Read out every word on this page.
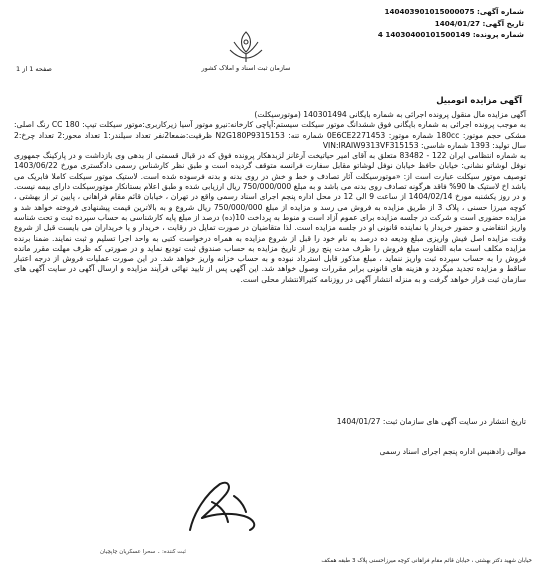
شماره آگهی: 140403901015000075
تاریخ آگهی: 1404/01/27
شماره پرونده: 14030400101500149 4
سازمان ثبت اسناد و املاک کشور
صفحه 1 از 1
آگهی مزایده اتومبیل

آگهی مزایده مال منقول پرونده اجرائی به شماره بایگانی 140301494 (موتورسیکلت)

به موجب پرونده اجرائی به شماره بایگانی فوق ششدانگ موتور سیکلت سیستم:آپاچی کارخانه:نیرو موتور آسیا زیرکاربری:موتور سیکلت تیپ: 180 CC رنگ اصلی: مشکی حجم موتور: 180cc شماره موتور: 0E6CE2271453 شماره تنه: N2G180P9315153 ظرفیت:ضمعا2نفر تعداد سیلندر:1 تعداد محور:2 تعداد چرخ:2 سال تولید: 1393 شماره شاسی: VIN:IRAIW9313VF315153

به شماره انتظامی ایران 122 - 83482 متعلق به آقای امیر حیاتیخت آرغانز لزبدهکار پرونده فوق که در قبال قسمتی از بدهی وی بازداشت و در پارکینگ جمهوری نوفل لوشاتو نشانی: خیابان حافظ خیابان نوفل لوشاتو مقابل سفارت فرانسه متوقف گردیده است و طبق نظر کارشناس رسمی دادگستری مورخ 1403/06/22 توصیف موتور سیکلت عبارت است از: «موتورسیکلت آثار تصادف و خط و خش در روی بدنه و بدنه فرسوده شده است. لاستیک موتور سیکلت کاملا فابریک می باشد اخ لاستیک ها 90% فاقد هرگونه تصادف روی بدنه می باشد و به مبلغ 750/000/000 ریال ارزیابی شده و طبق اعلام بستانکار موتورسیکلت دارای بیمه نیست. و در روز یکشنبه مورخ 1404/02/14 از ساعت 9 الی 12 در محل اداره پنجم اجرای اسناد رسمی واقع در تهران ، خیابان قائم مقام فراهانی ، پایین تر از بهشتی ، کوچه میرزا حسنی ، پلاک 3 از طریق مزایده به فروش می رسد و مزایده از مبلغ 750/000/000 ریال شروع و به بالاترین قیمت پیشنهادی فروخته خواهد شد و مزایده حضوری است و شرکت در جلسه مزایده برای عموم آزاد است و منوط به پرداخت 10(ده) درصد از مبلغ پایه کارشناسی به حساب سپرده ثبت و تحت شناسه واریز انتفاضی و حضور خریدار یا نماینده قانونی او در جلسه مزایده است. لذا متقاضیان در صورت تمایل در رقابت ، خریدار و یا خریداران می بایست قبل از شروع وقت مزایده اصل فیش واریزی مبلغ ودیعه ده درصد به نام خود را قبل از شروع مزایده به همراه درخواست کتبی به واحد اجرا تسلیم و ثبت نمایند. ضمنا برنده مزایده مکلف است مابه التفاوت مبلغ فروش را ظرف مدت پنج روز از تاریخ مزایده به حساب صندوق ثبت تودیع نماید و در صورتی که ظرف مهلت مقرر مانده فروش را به حساب سپرده ثبت واریز ننماید ، مبلغ مذکور قابل استرداد نبوده و به حساب خزانه واریز خواهد شد. در این صورت عملیات فروش از درجه اعتبار ساقط و مزایده تجدید میگردد و هزینه های قانونی برابر مقررات وصول خواهد شد. این آگهی پس از تایید نهائی فرآیند مزایده و ارسال آگهی در سایت آگهی های سازمان ثبت قرار خواهد گرفت و به منزله انتشار آگهی در روزنامه کثیرالانتشار محلی است.

تاریخ انتشار در سایت آگهی های سازمان ثبت: 1404/01/27
موالی زادهنیس اداره پنجم اجرای اسناد رسمی
ثبت کننده: ۔ سحرا عسکریان چاپچیان
خیابان شهید دکتر بهشتی ، خیابان قائم مقام فراهانی کوچه میرزاحسنی پلاک 3 طبقه همکف
